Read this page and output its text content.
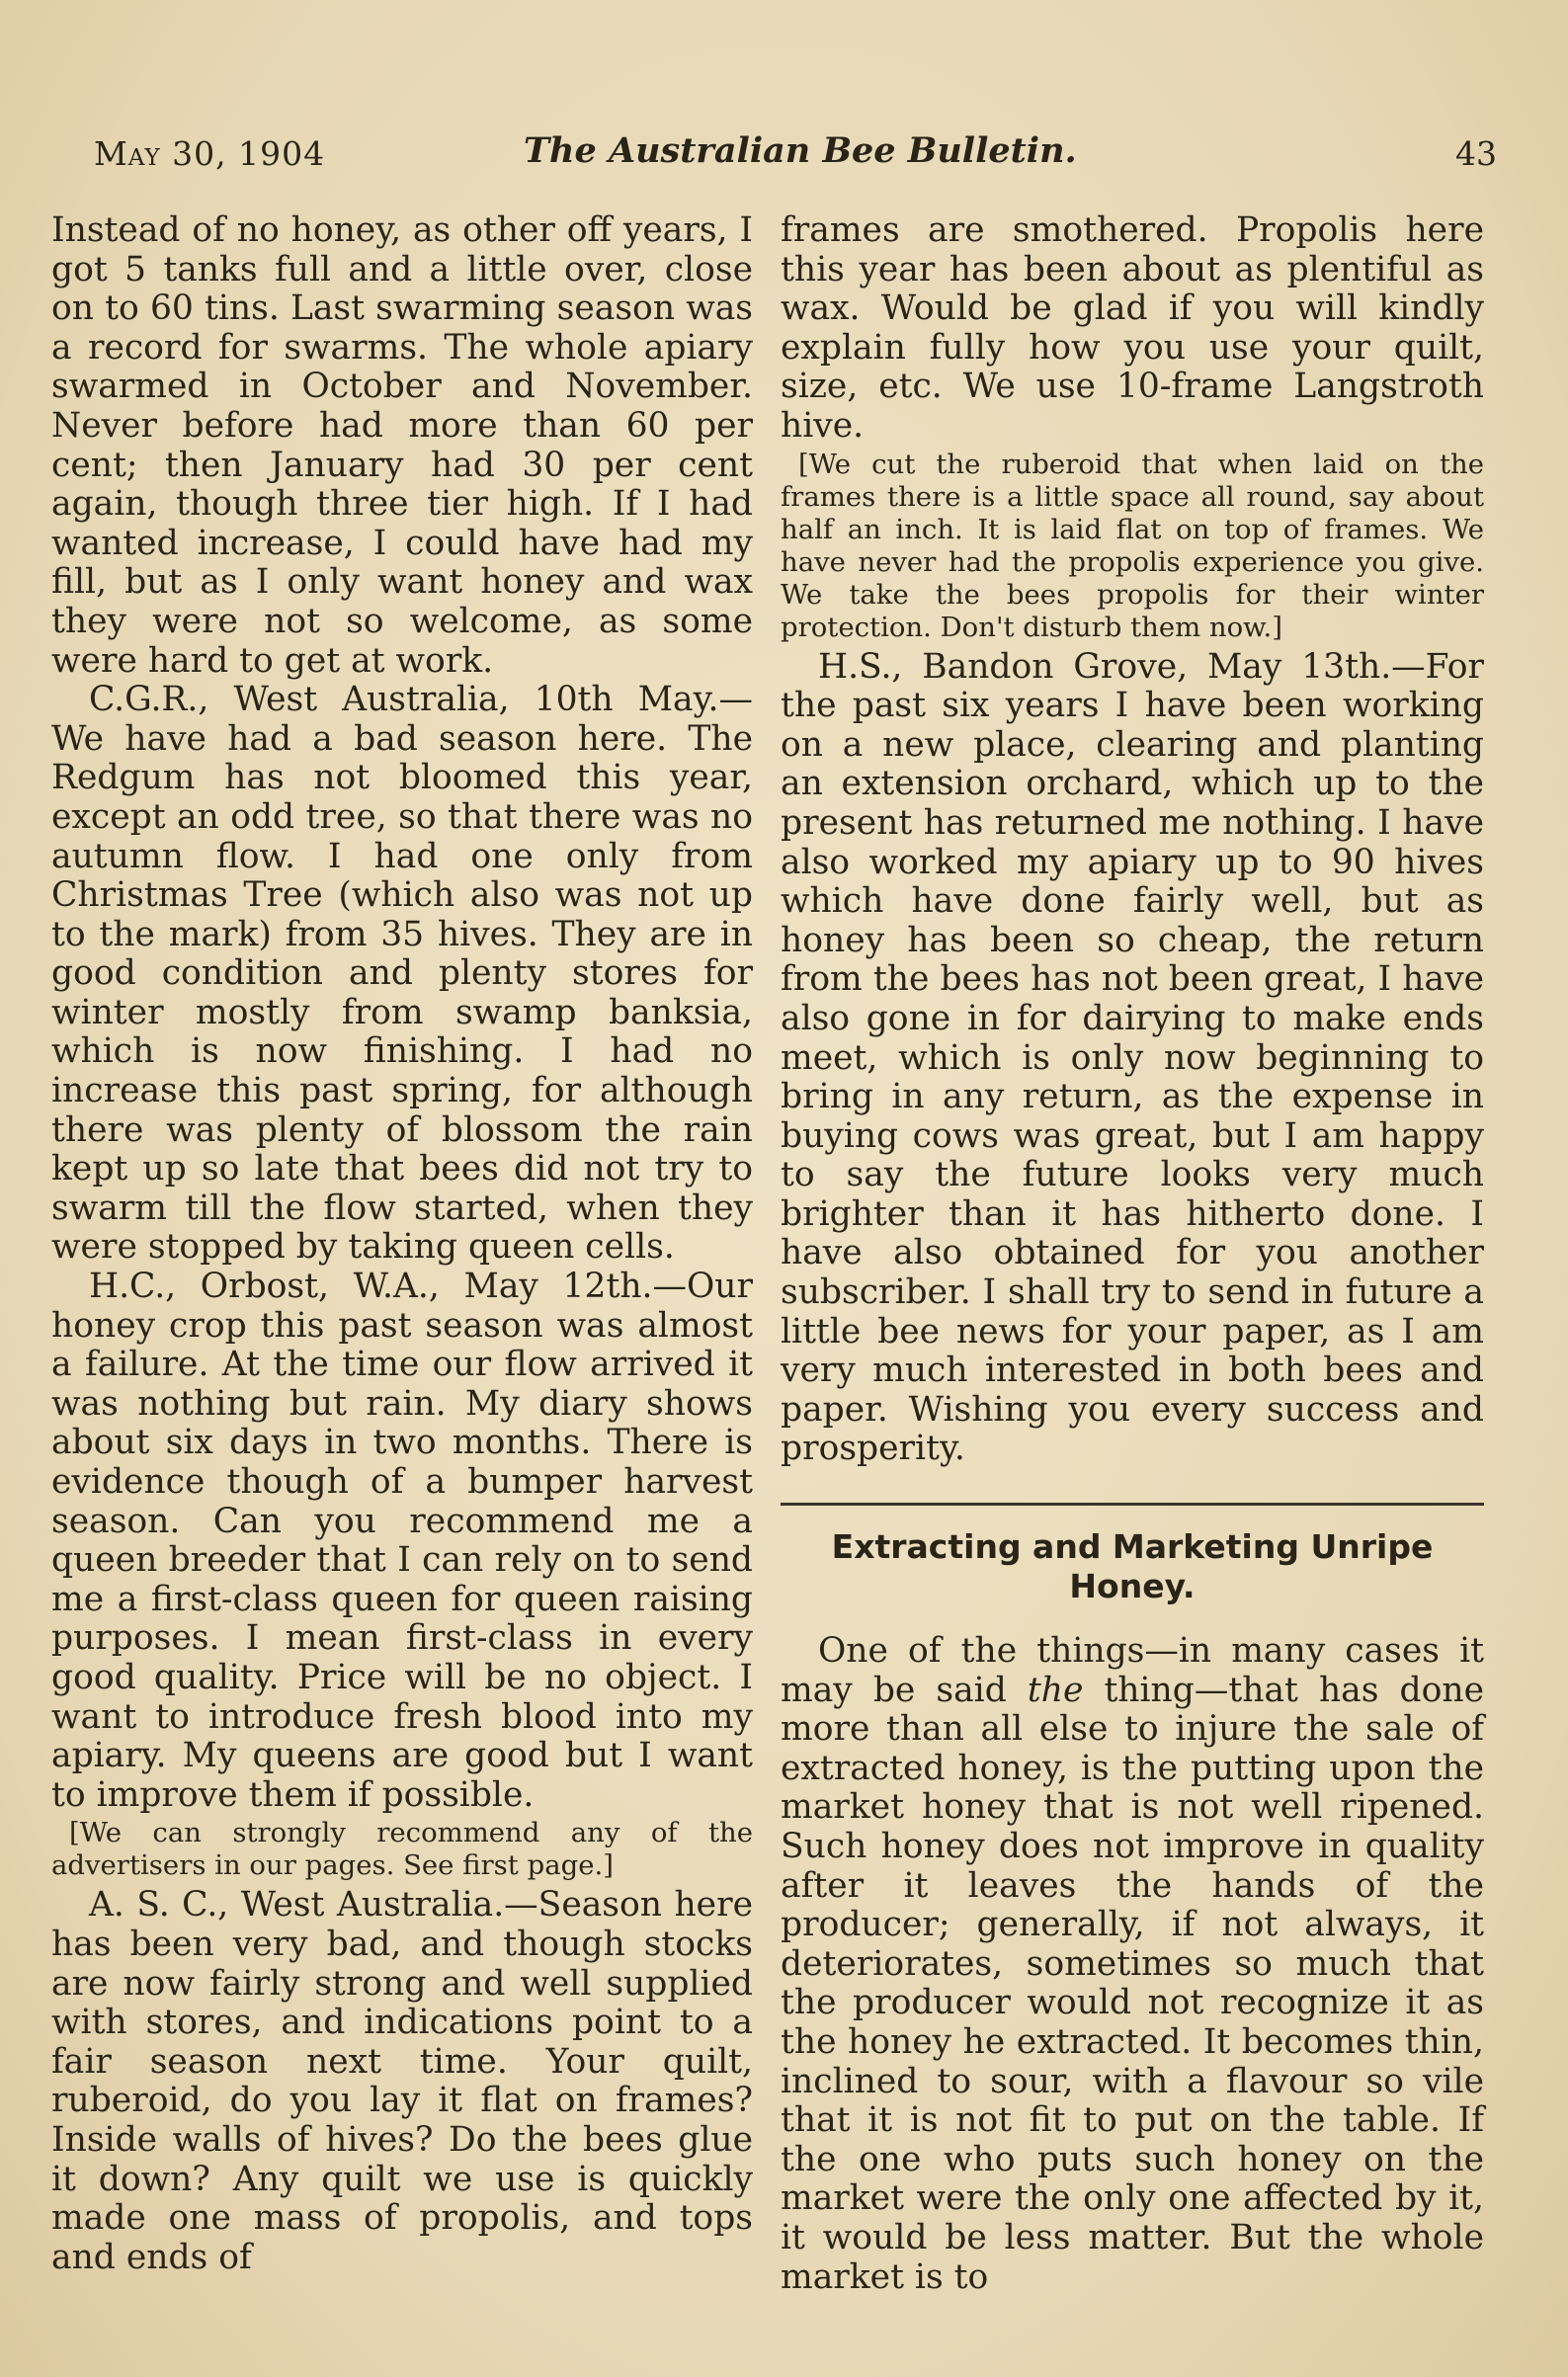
May 30, 1904	The Australian Bee Bulletin.	43

Instead of no honey, as other off years, I got 5 tanks full and a little over, close on to 60 tins. Last swarming season was a record for swarms. The whole apiary swarmed in October and November. Never before had more than 60 per cent; then January had 30 per cent again, though three tier high. If I had wanted increase, I could have had my fill, but as I only want honey and wax they were not so welcome, as some were hard to get at work.

C.G.R., West Australia, 10th May.— We have had a bad season here. The Redgum has not bloomed this year, except an odd tree, so that there was no autumn flow. I had one only from Christmas Tree (which also was not up to the mark) from 35 hives. They are in good condition and plenty stores for winter mostly from swamp banksia, which is now finishing. I had no increase this past spring, for although there was plenty of blossom the rain kept up so late that bees did not try to swarm till the flow started, when they were stopped by taking queen cells.

H.C., Orbost, W.A., May 12th.—Our honey crop this past season was almost a failure. At the time our flow arrived it was nothing but rain. My diary shows about six days in two months. There is evidence though of a bumper harvest season. Can you recommend me a queen breeder that I can rely on to send me a first-class queen for queen raising purposes. I mean first-class in every good quality. Price will be no object. I want to introduce fresh blood into my apiary. My queens are good but I want to improve them if possible.

[We can strongly recommend any of the advertisers in our pages. See first page.]

A. S. C., West Australia.—Season here has been very bad, and though stocks are now fairly strong and well supplied with stores, and indications point to a fair season next time. Your quilt, ruberoid, do you lay it flat on frames? Inside walls of hives? Do the bees glue it down? Any quilt we use is quickly made one mass of propolis, and tops and ends of

frames are smothered. Propolis here this year has been about as plentiful as wax. Would be glad if you will kindly explain fully how you use your quilt, size, etc. We use 10-frame Langstroth hive.

[We cut the ruberoid that when laid on the frames there is a little space all round, say about half an inch. It is laid flat on top of frames. We have never had the propolis experience you give. We take the bees propolis for their winter protection. Don't disturb them now.]

H.S., Bandon Grove, May 13th.—For the past six years I have been working on a new place, clearing and planting an extension orchard, which up to the present has returned me nothing. I have also worked my apiary up to 90 hives which have done fairly well, but as honey has been so cheap, the return from the bees has not been great, I have also gone in for dairying to make ends meet, which is only now beginning to bring in any return, as the expense in buying cows was great, but I am happy to say the future looks very much brighter than it has hitherto done. I have also obtained for you another subscriber. I shall try to send in future a little bee news for your paper, as I am very much interested in both bees and paper. Wishing you every success and prosperity.

Extracting and Marketing Unripe Honey.

One of the things—in many cases it may be said the thing—that has done more than all else to injure the sale of extracted honey, is the putting upon the market honey that is not well ripened. Such honey does not improve in quality after it leaves the hands of the producer; generally, if not always, it deteriorates, sometimes so much that the producer would not recognize it as the honey he extracted. It becomes thin, inclined to sour, with a flavour so vile that it is not fit to put on the table. If the one who puts such honey on the market were the only one affected by it, it would be less matter. But the whole market is to
